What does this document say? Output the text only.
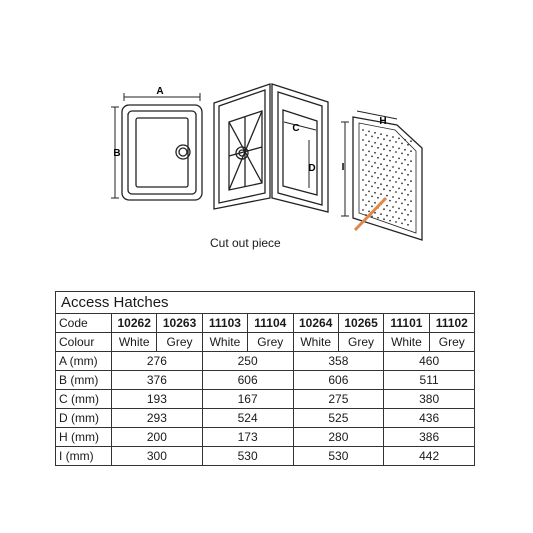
A
B
C
D
H
I
Cut out piece
Access Hatches								
Code	10262	10263	11103	11104	10264	10265	11101	11102
Colour	White	Grey	White	Grey	White	Grey	White	Grey
A (mm)	276		250		358		460	
B (mm)	376		606		606		511	
C (mm)	193		167		275		380	
D (mm)	293		524		525		436	
H (mm)	200		173		280		386	
I (mm)	300		530		530		442	
